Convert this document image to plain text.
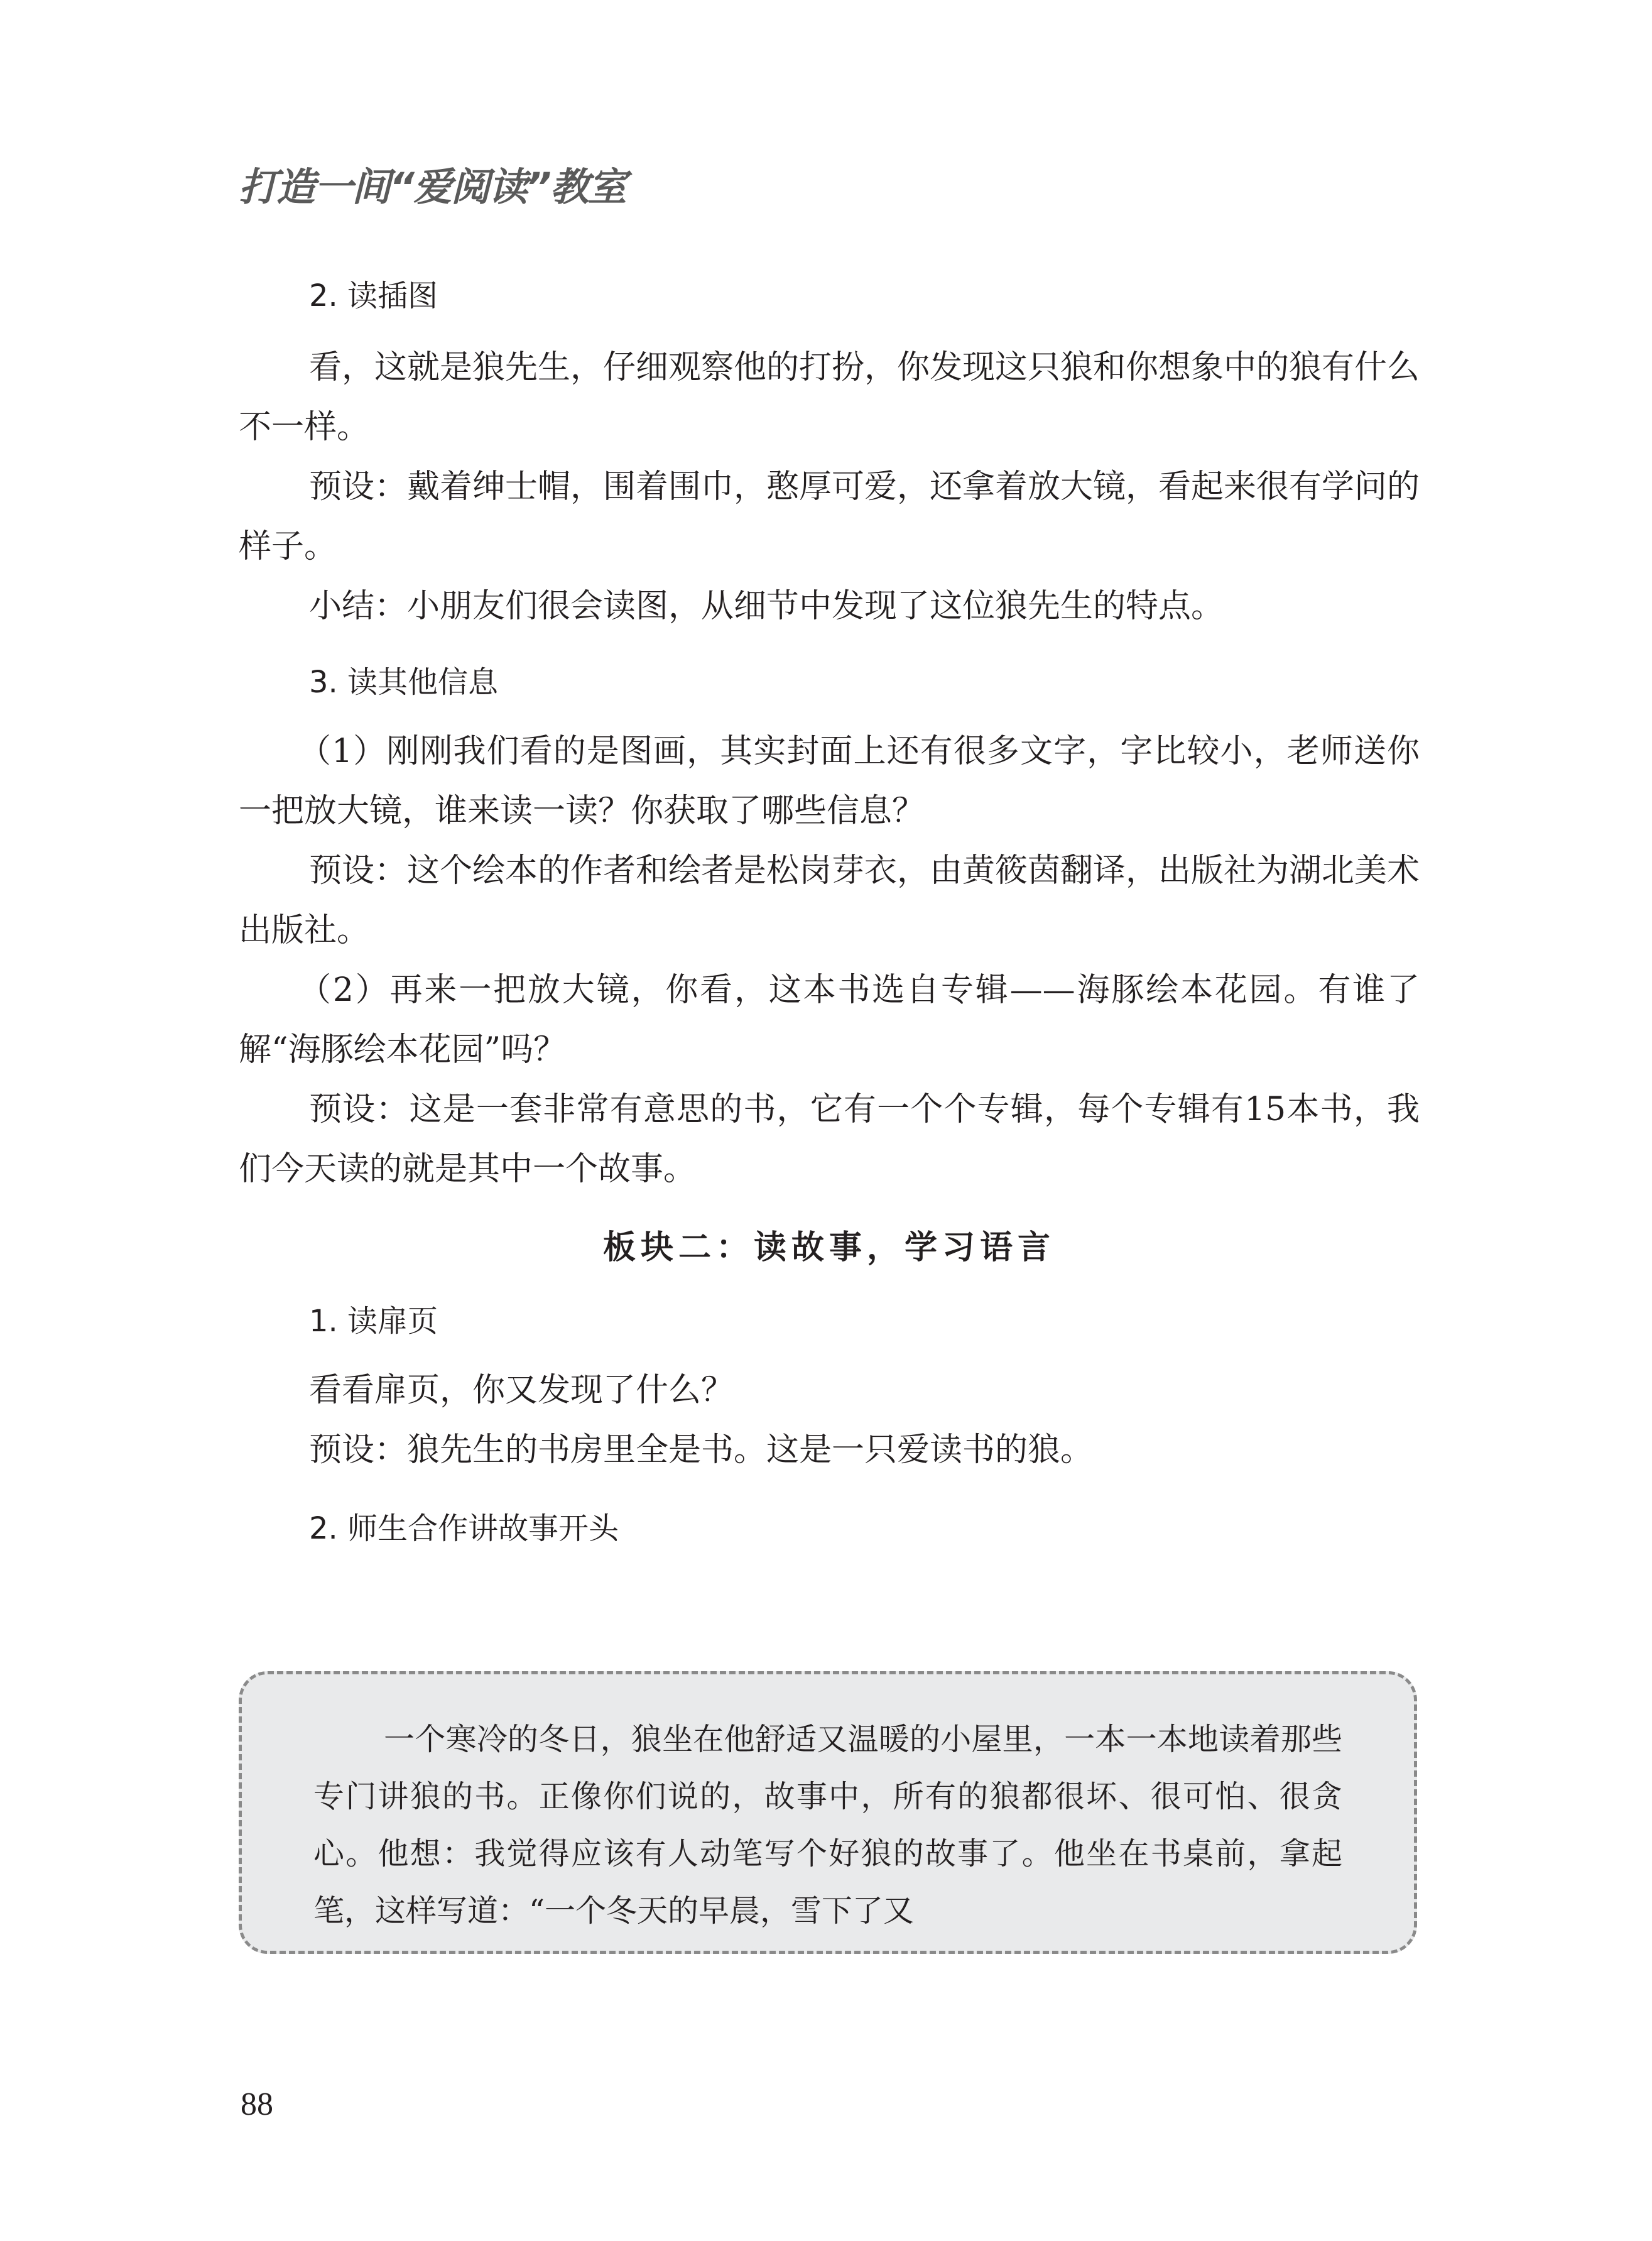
打造一间“爱阅读”教室
2. 读插图

看，这就是狼先生，仔细观察他的打扮，你发现这只狼和你想象中的狼有什么不一样。

预设：戴着绅士帽，围着围巾，憨厚可爱，还拿着放大镜，看起来很有学问的样子。

小结：小朋友们很会读图，从细节中发现了这位狼先生的特点。

3. 读其他信息

（1）刚刚我们看的是图画，其实封面上还有很多文字，字比较小，老师送你一把放大镜，谁来读一读？你获取了哪些信息？

预设：这个绘本的作者和绘者是松岗芽衣，由黄筱茵翻译，出版社为湖北美术出版社。

（2）再来一把放大镜，你看，这本书选自专辑——海豚绘本花园。有谁了解“海豚绘本花园”吗？

预设：这是一套非常有意思的书，它有一个个专辑，每个专辑有15本书，我们今天读的就是其中一个故事。

板块二：读故事，学习语言
1. 读扉页

看看扉页，你又发现了什么？

预设：狼先生的书房里全是书。这是一只爱读书的狼。

2. 师生合作讲故事开头

一个寒冷的冬日，狼坐在他舒适又温暖的小屋里，一本一本地读着那些专门讲狼的书。正像你们说的，故事中，所有的狼都很坏、很可怕、很贪心。他想：我觉得应该有人动笔写个好狼的故事了。他坐在书桌前，拿起笔，这样写道：“一个冬天的早晨，雪下了又

88
